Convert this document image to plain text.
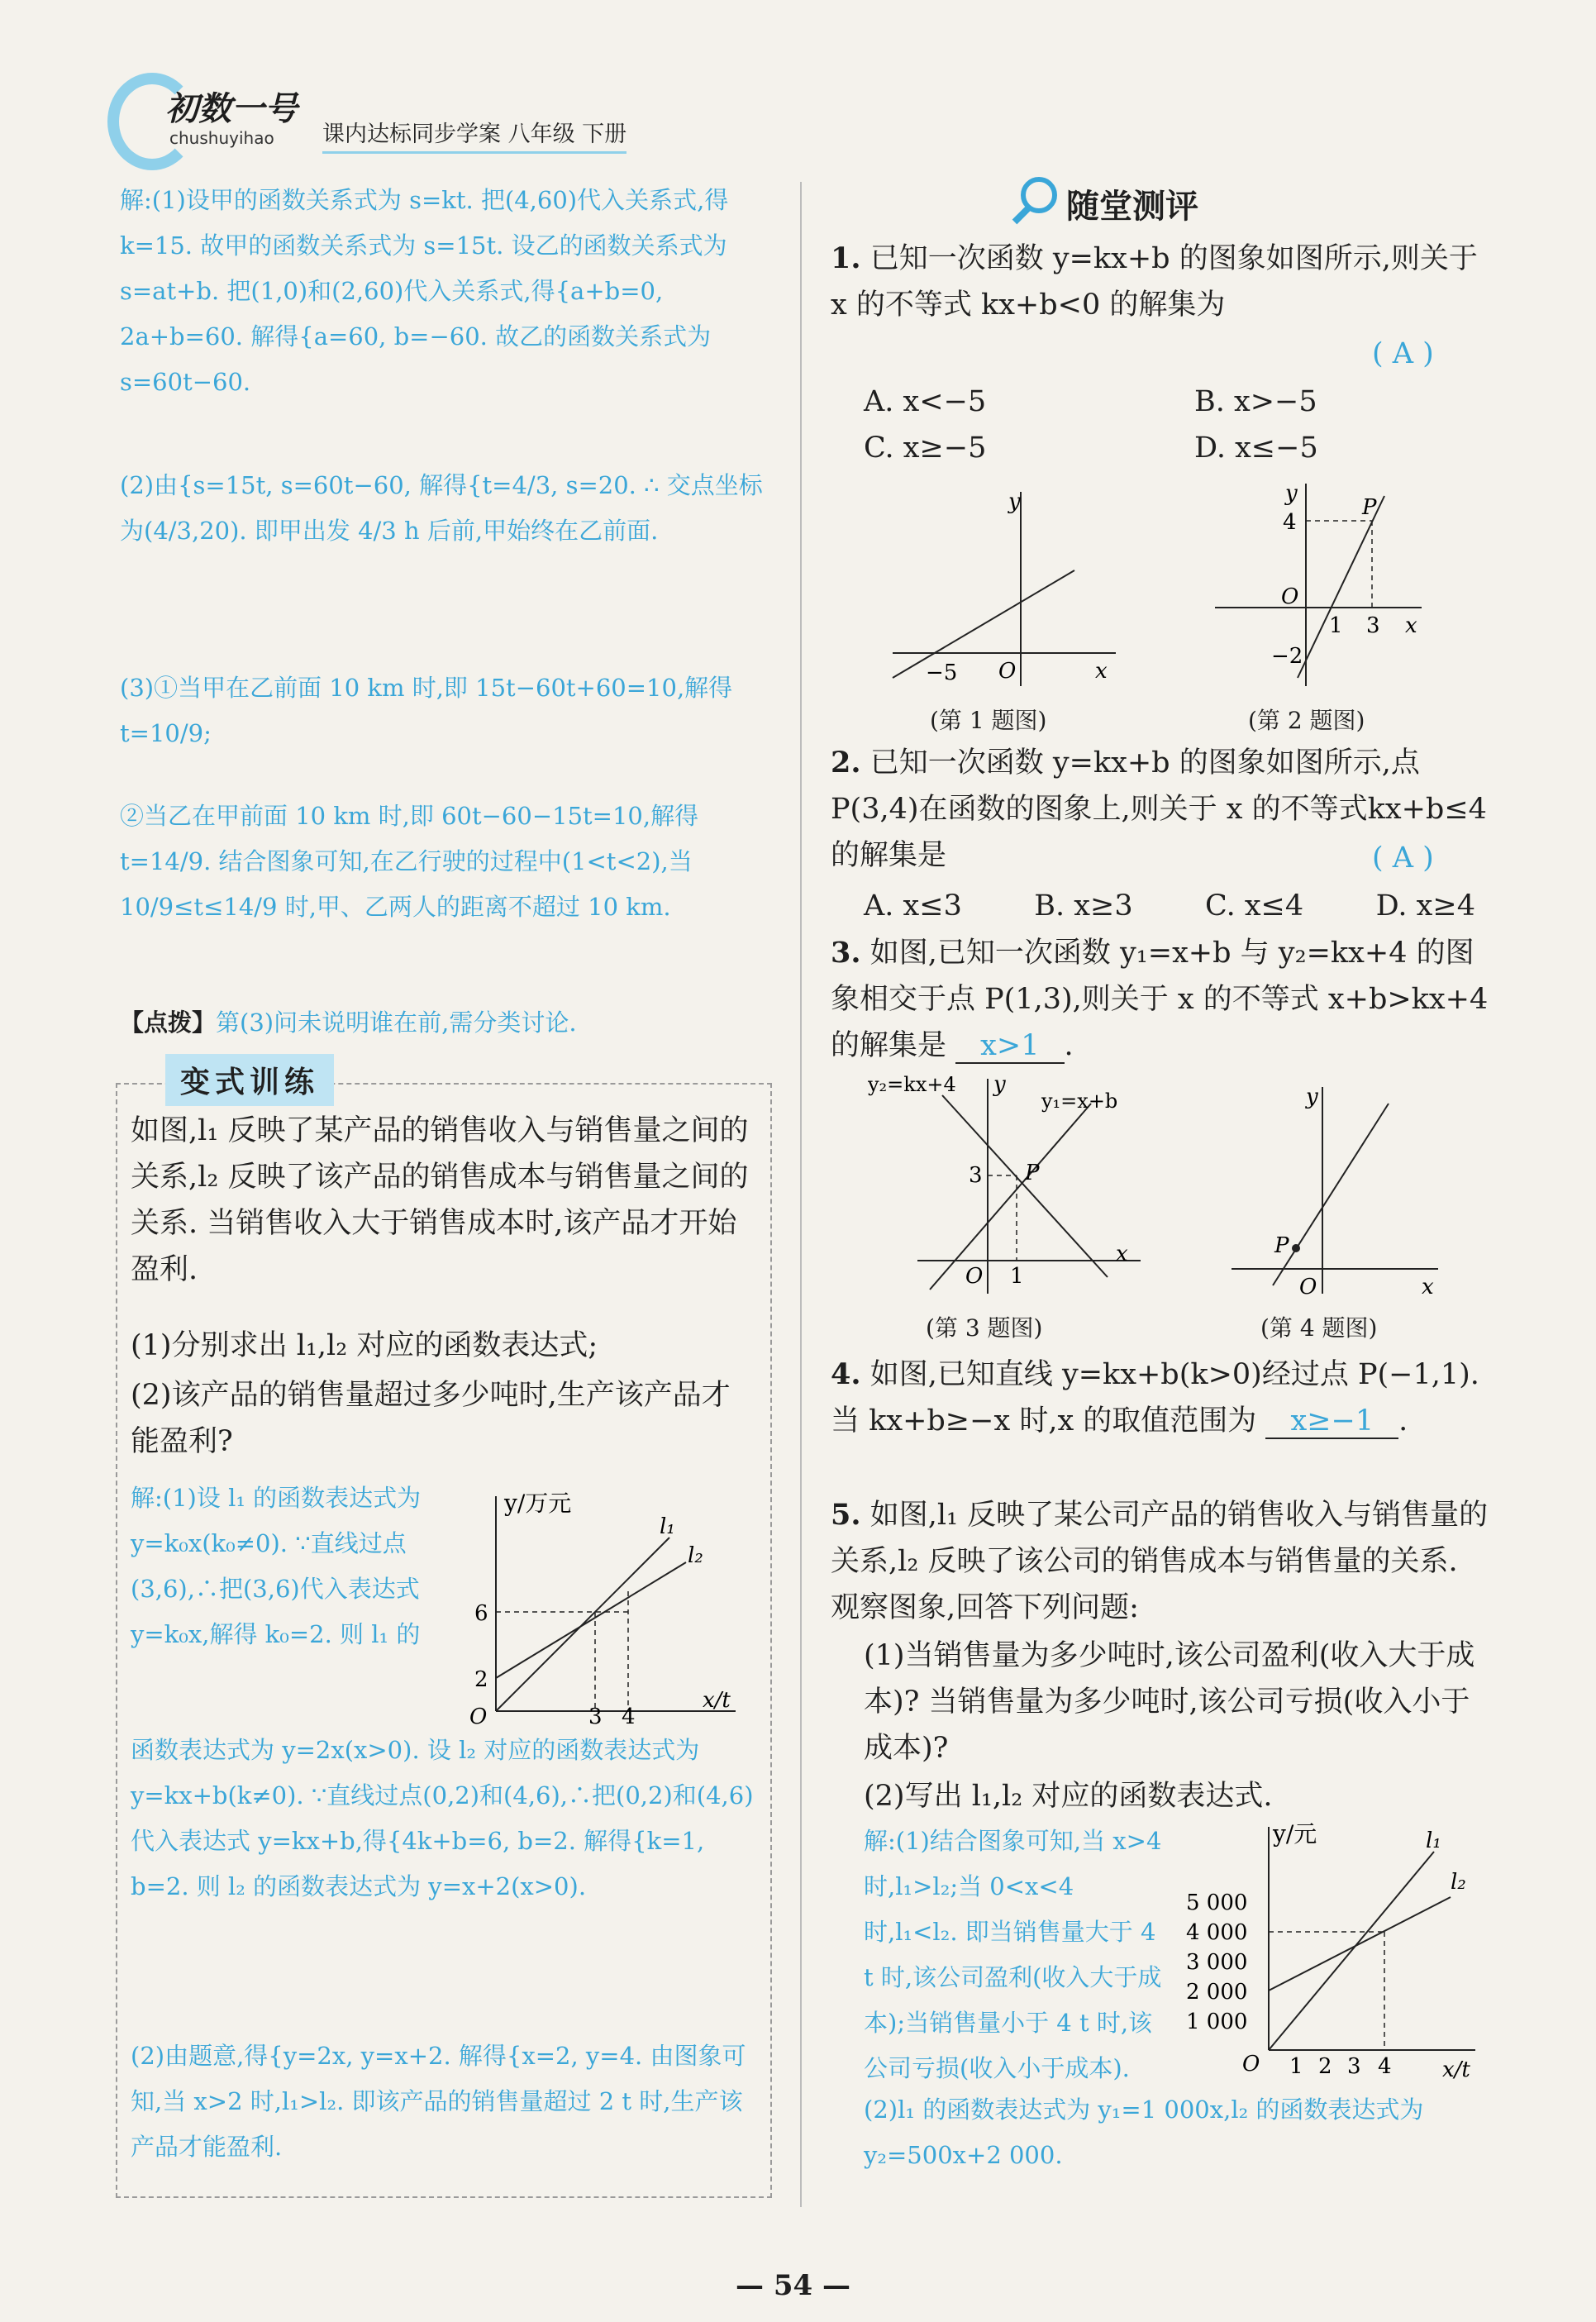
初数一号
chushuyihao 课内达标同步学案 八年级 下册
解:(1)设甲的函数关系式为 s=kt. 把(4,60)代入关系式,得 k=15. 故甲的函数关系式为 s=15t. 设乙的函数关系式为 s=at+b. 把(1,0)和(2,60)代入关系式,得{a+b=0, 2a+b=60. 解得{a=60, b=−60. 故乙的函数关系式为 s=60t−60.
(2)由{s=15t, s=60t−60, 解得{t=4/3, s=20. ∴ 交点坐标为(4/3,20). 即甲出发 4/3 h 后前,甲始终在乙前面.
(3)①当甲在乙前面 10 km 时,即 15t−60t+60=10,解得 t=10/9;
②当乙在甲前面 10 km 时,即 60t−60−15t=10,解得 t=14/9. 结合图象可知,在乙行驶的过程中(1<t<2),当 10/9≤t≤14/9 时,甲、乙两人的距离不超过 10 km.
【点拨】第(3)问未说明谁在前,需分类讨论.
变式训练
如图,l₁ 反映了某产品的销售收入与销售量之间的关系,l₂ 反映了该产品的销售成本与销售量之间的关系. 当销售收入大于销售成本时,该产品才开始盈利.
(1)分别求出 l₁,l₂ 对应的函数表达式;
(2)该产品的销售量超过多少吨时,生产该产品才能盈利?
解:(1)设 l₁ 的函数表达式为 y=k₀x(k₀≠0). ∵直线过点(3,6),∴把(3,6)代入表达式 y=k₀x,解得 k₀=2. 则 l₁ 的
y/万元
x/t
l₁
l₂
O
6
2
3 4
函数表达式为 y=2x(x>0). 设 l₂ 对应的函数表达式为 y=kx+b(k≠0). ∵直线过点(0,2)和(4,6),∴把(0,2)和(4,6)代入表达式 y=kx+b,得{4k+b=6, b=2. 解得{k=1, b=2. 则 l₂ 的函数表达式为 y=x+2(x>0).
(2)由题意,得{y=2x, y=x+2. 解得{x=2, y=4. 由图象可知,当 x>2 时,l₁>l₂. 即该产品的销售量超过 2 t 时,生产该产品才能盈利.
随堂测评
1. 已知一次函数 y=kx+b 的图象如图所示,则关于 x 的不等式 kx+b<0 的解集为
( A )
A. x<−5	B. x>−5
C. x≥−5	D. x≤−5
y
x
O
−5
(第 1 题图)
y
x
O
P
4
1 3
−2
(第 2 题图)
2. 已知一次函数 y=kx+b 的图象如图所示,点P(3,4)在函数的图象上,则关于 x 的不等式kx+b≤4 的解集是	( A )
A. x≤3 B. x≥3 C. x≤4 D. x≥4
3. 如图,已知一次函数 y₁=x+b 与 y₂=kx+4 的图象相交于点 P(1,3),则关于 x 的不等式 x+b>kx+4 的解集是 x>1 .
y₂=kx+4
y₁=x+b
y
x
O
P
3
1
(第 3 题图)
y
x
O
P
(第 4 题图)
4. 如图,已知直线 y=kx+b(k>0)经过点 P(−1,1). 当 kx+b≥−x 时,x 的取值范围为 x≥−1 .
5. 如图,l₁ 反映了某公司产品的销售收入与销售量的关系,l₂ 反映了该公司的销售成本与销售量的关系. 观察图象,回答下列问题:
(1)当销售量为多少吨时,该公司盈利(收入大于成本)? 当销售量为多少吨时,该公司亏损(收入小于成本)?
(2)写出 l₁,l₂ 对应的函数表达式.
解:(1)结合图象可知,当 x>4 时,l₁>l₂;当 0<x<4 时,l₁<l₂. 即当销售量大于 4 t 时,该公司盈利(收入大于成本);当销售量小于 4 t 时,该公司亏损(收入小于成本).
y/元
x/t
l₁
l₂
O
5 000
4 000
3 000
2 000
1 000
1 2 3 4
(2)l₁ 的函数表达式为 y₁=1 000x,l₂ 的函数表达式为 y₂=500x+2 000.
— 54 —
